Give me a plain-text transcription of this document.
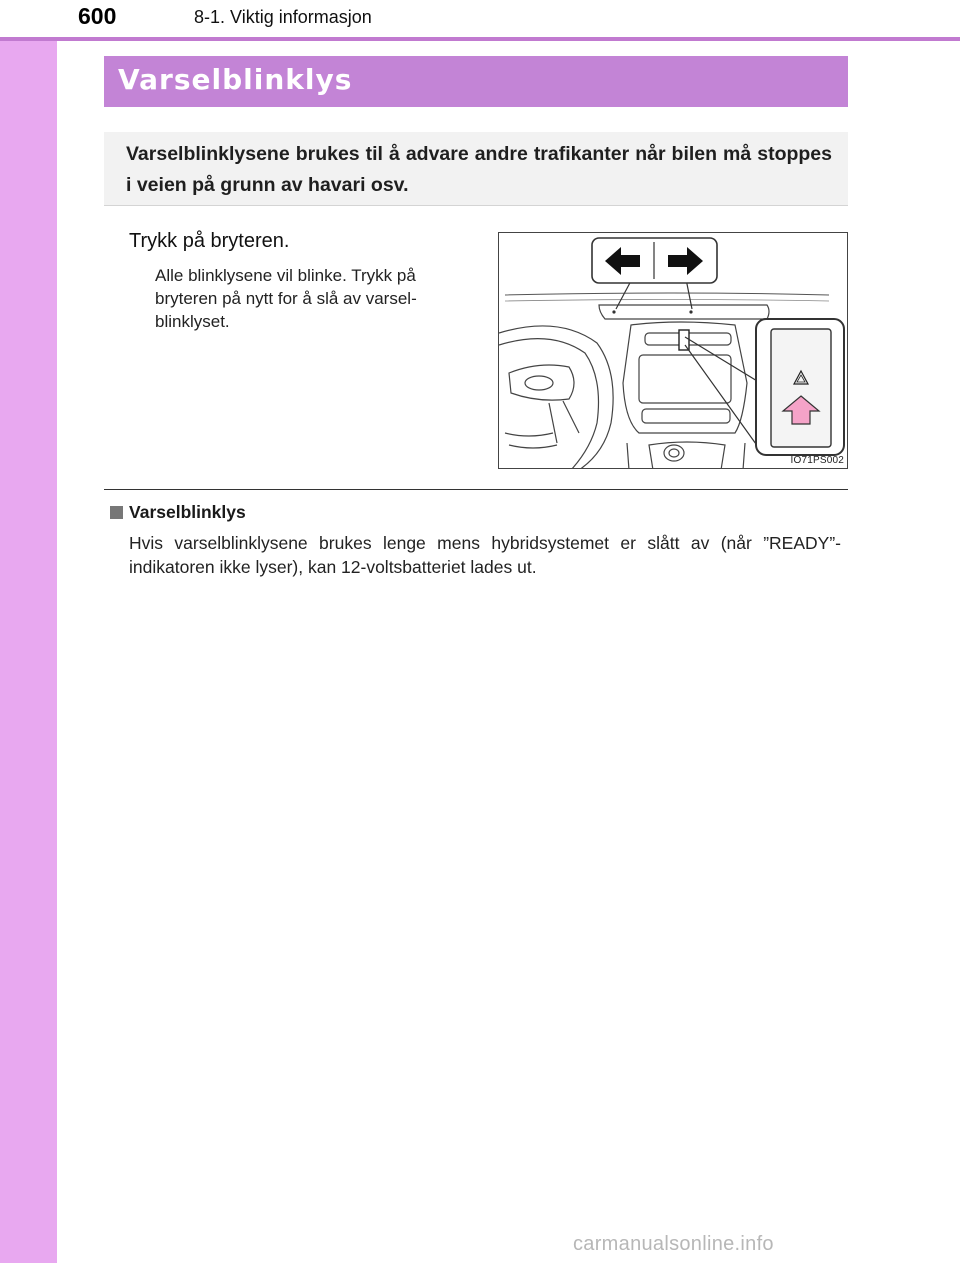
600	8-1. Viktig informasjon
Varselblinklys

Varselblinklysene brukes til å advare andre trafikanter når bilen må stoppes i veien på grunn av havari osv.

Trykk på bryteren.

Alle blinklysene vil blinke. Trykk på bryteren på nytt for å slå av varsel-blinklyset.

IO71PS002

Varselblinklys

Hvis varselblinklysene brukes lenge mens hybridsystemet er slått av (når ”READY”-indikatoren ikke lyser), kan 12-voltsbatteriet lades ut.

carmanualsonline.info
